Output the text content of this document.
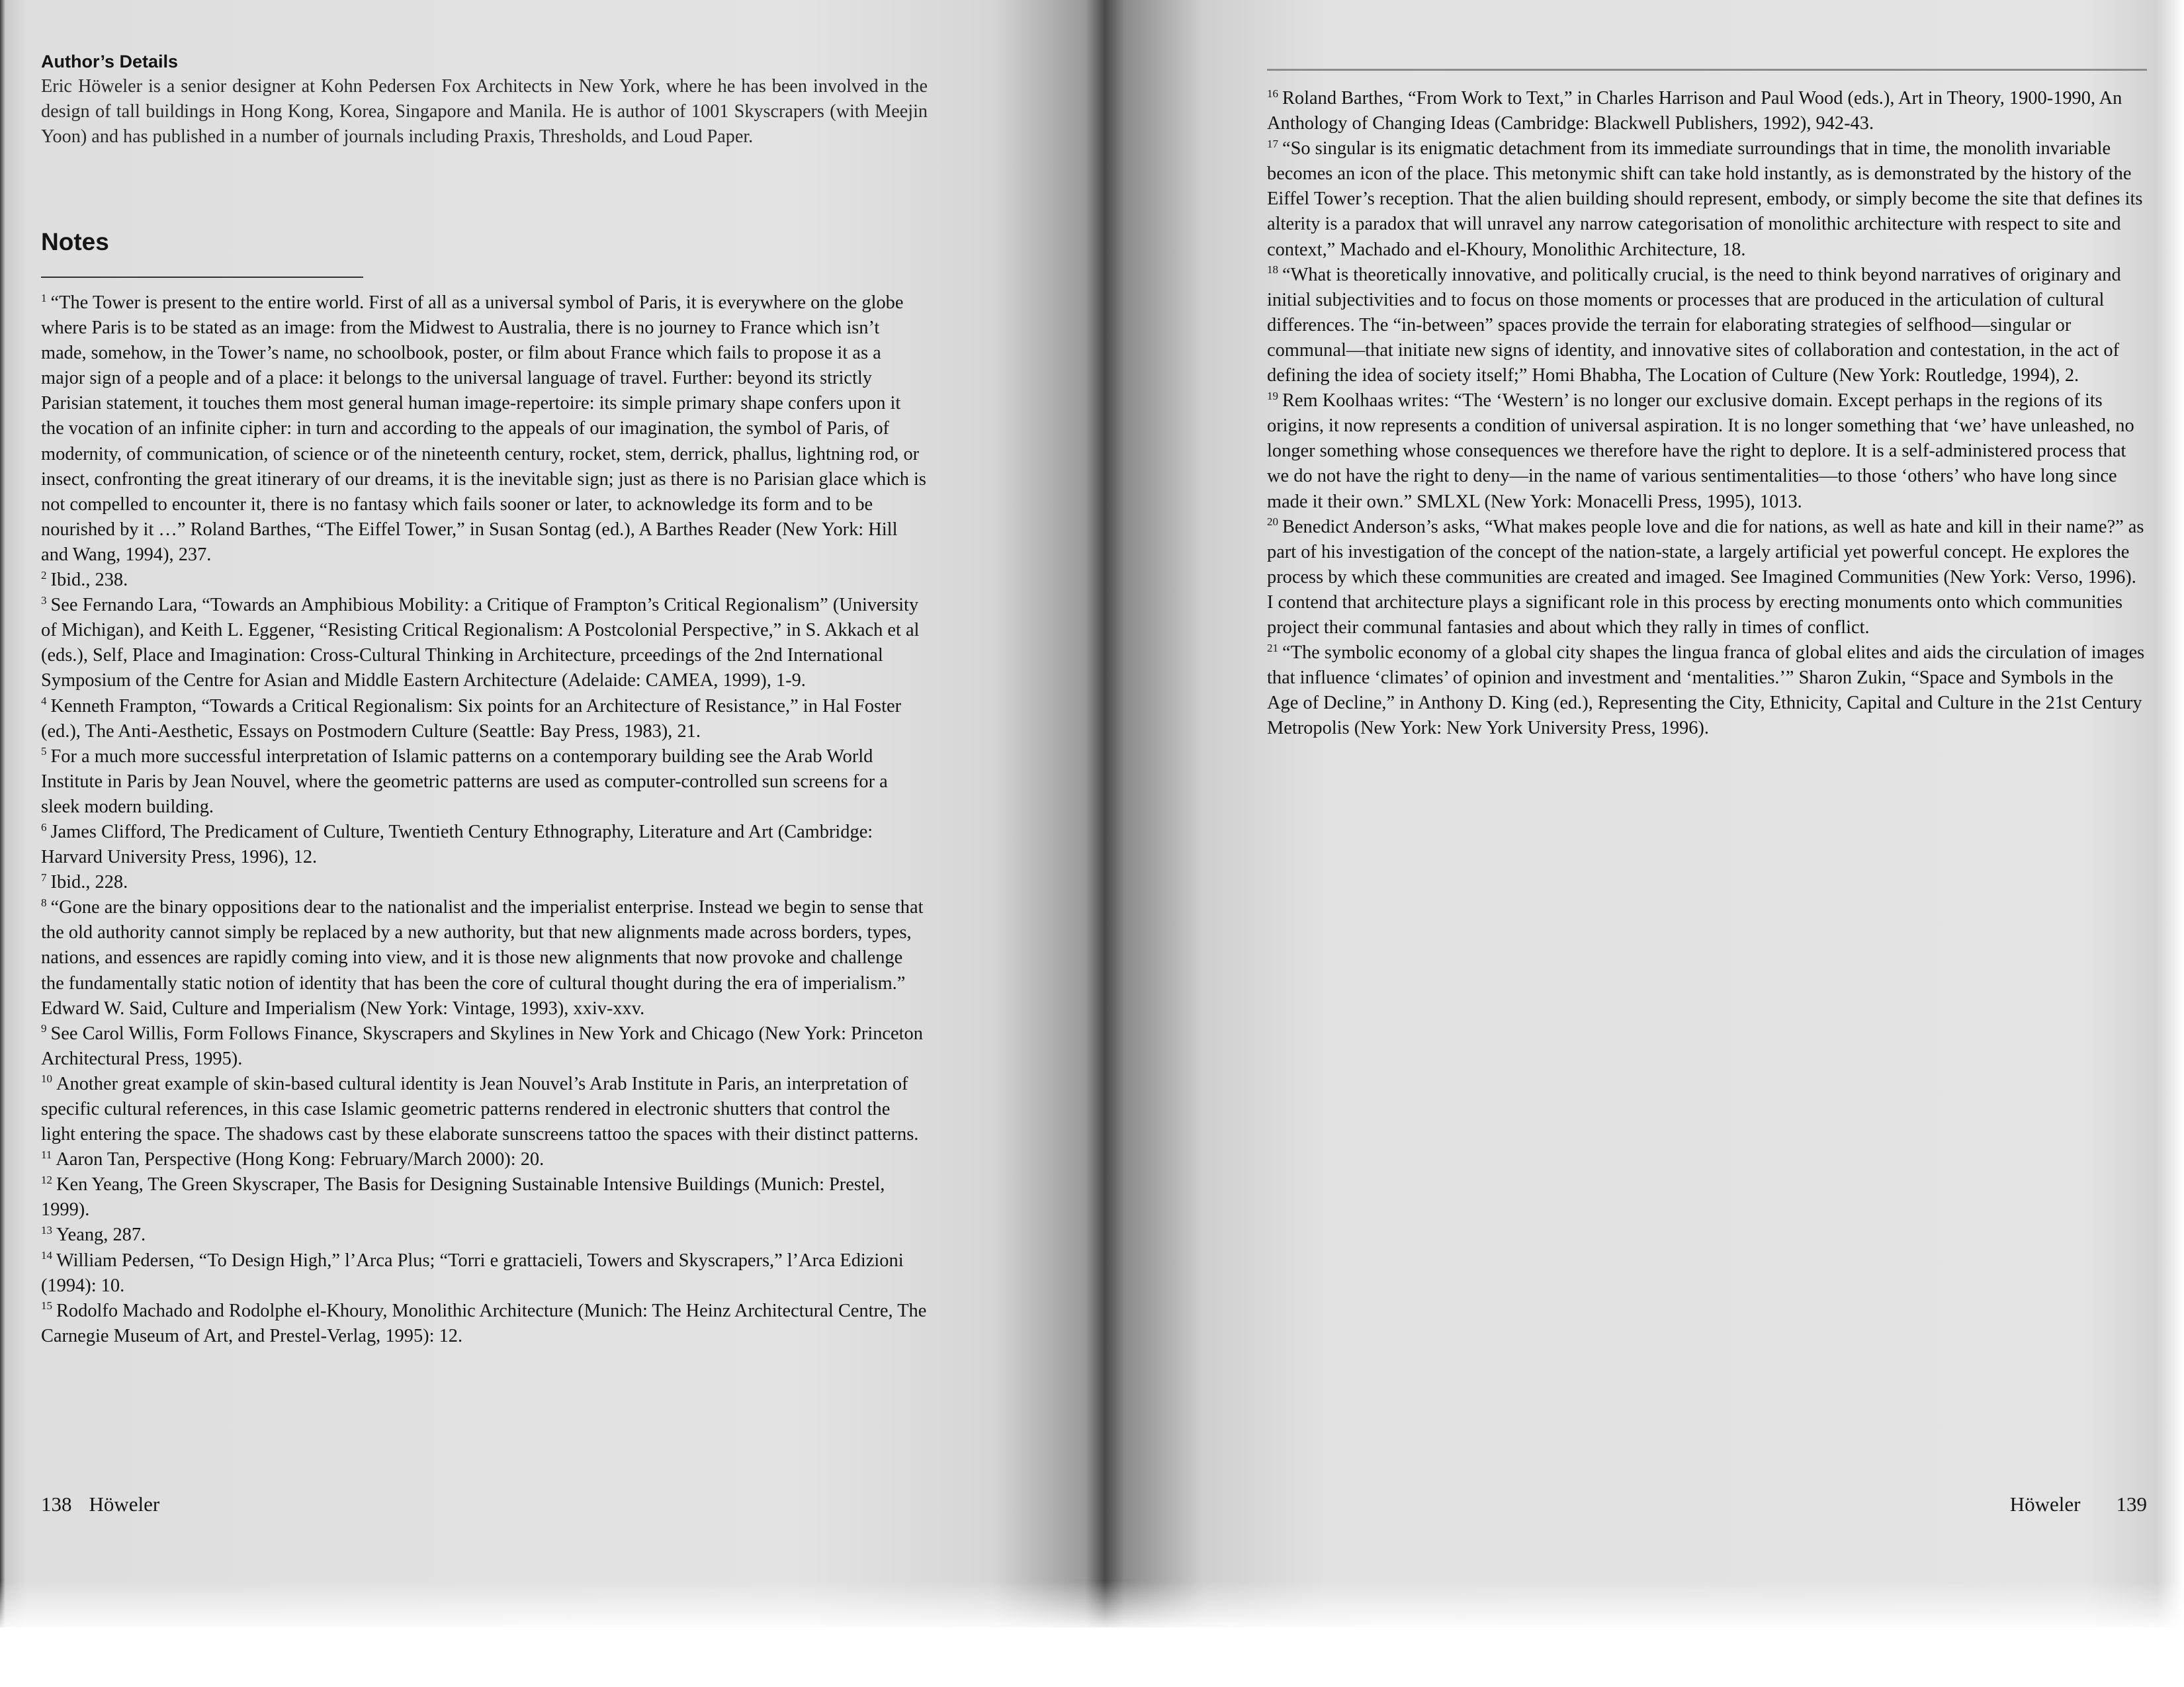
Author’s Details
Eric Höweler is a senior designer at Kohn Pedersen Fox Architects in New York, where he has been involved in the design of tall buildings in Hong Kong, Korea, Singapore and Manila. He is author of 1001 Skyscrapers (with Meejin Yoon) and has published in a number of journals including Praxis, Thresholds, and Loud Paper.
Notes
$^1$ “The Tower is present to the entire world. First of all as a universal symbol of Paris, it is everywhere on the globe where Paris is to be stated as an image: from the Midwest to Australia, there is no journey to France which isn’t made, somehow, in the Tower’s name, no schoolbook, poster, or film about France which fails to propose it as a major sign of a people and of a place: it belongs to the universal language of travel. Further: beyond its strictly Parisian statement, it touches them most general human image-repertoire: its simple primary shape confers upon it the vocation of an infinite cipher: in turn and according to the appeals of our imagination, the symbol of Paris, of modernity, of communication, of science or of the nineteenth century, rocket, stem, derrick, phallus, lightning rod, or insect, confronting the great itinerary of our dreams, it is the inevitable sign; just as there is no Parisian glace which is not compelled to encounter it, there is no fantasy which fails sooner or later, to acknowledge its form and to be nourished by it …” Roland Barthes, “The Eiffel Tower,” in Susan Sontag (ed.), A Barthes Reader (New York: Hill and Wang, 1994), 237.
$^2$ Ibid., 238.
$^3$ See Fernando Lara, “Towards an Amphibious Mobility: a Critique of Frampton’s Critical Regionalism” (University of Michigan), and Keith L. Eggener, “Resisting Critical Regionalism: A Postcolonial Perspective,” in S. Akkach et al (eds.), Self, Place and Imagination: Cross-Cultural Thinking in Architecture, prceedings of the 2nd International Symposium of the Centre for Asian and Middle Eastern Architecture (Adelaide: CAMEA, 1999), 1-9.
$^4$ Kenneth Frampton, “Towards a Critical Regionalism: Six points for an Architecture of Resistance,” in Hal Foster (ed.), The Anti-Aesthetic, Essays on Postmodern Culture (Seattle: Bay Press, 1983), 21.
$^5$ For a much more successful interpretation of Islamic patterns on a contemporary building see the Arab World Institute in Paris by Jean Nouvel, where the geometric patterns are used as computer-controlled sun screens for a sleek modern building.
$^6$ James Clifford, The Predicament of Culture, Twentieth Century Ethnography, Literature and Art (Cambridge: Harvard University Press, 1996), 12.
$^7$ Ibid., 228.
$^8$ “Gone are the binary oppositions dear to the nationalist and the imperialist enterprise. Instead we begin to sense that the old authority cannot simply be replaced by a new authority, but that new alignments made across borders, types, nations, and essences are rapidly coming into view, and it is those new alignments that now provoke and challenge the fundamentally static notion of identity that has been the core of cultural thought during the era of imperialism.” Edward W. Said, Culture and Imperialism (New York: Vintage, 1993), xxiv-xxv.
$^9$ See Carol Willis, Form Follows Finance, Skyscrapers and Skylines in New York and Chicago (New York: Princeton Architectural Press, 1995).
$^{10}$ Another great example of skin-based cultural identity is Jean Nouvel’s Arab Institute in Paris, an interpretation of specific cultural references, in this case Islamic geometric patterns rendered in electronic shutters that control the light entering the space. The shadows cast by these elaborate sunscreens tattoo the spaces with their distinct patterns.
$^{11}$ Aaron Tan, Perspective (Hong Kong: February/March 2000): 20.
$^{12}$ Ken Yeang, The Green Skyscraper, The Basis for Designing Sustainable Intensive Buildings (Munich: Prestel, 1999).
$^{13}$ Yeang, 287.
$^{14}$ William Pedersen, “To Design High,” l’Arca Plus; “Torri e grattacieli, Towers and Skyscrapers,” l’Arca Edizioni (1994): 10.
$^{15}$ Rodolfo Machado and Rodolphe el-Khoury, Monolithic Architecture (Munich: The Heinz Architectural Centre, The Carnegie Museum of Art, and Prestel-Verlag, 1995): 12.
138 Höweler
$^{16}$ Roland Barthes, “From Work to Text,” in Charles Harrison and Paul Wood (eds.), Art in Theory, 1900-1990, An Anthology of Changing Ideas (Cambridge: Blackwell Publishers, 1992), 942-43.
$^{17}$ “So singular is its enigmatic detachment from its immediate surroundings that in time, the monolith invariable becomes an icon of the place. This metonymic shift can take hold instantly, as is demonstrated by the history of the Eiffel Tower’s reception. That the alien building should represent, embody, or simply become the site that defines its alterity is a paradox that will unravel any narrow categorisation of monolithic architecture with respect to site and context,” Machado and el-Khoury, Monolithic Architecture, 18.
$^{18}$ “What is theoretically innovative, and politically crucial, is the need to think beyond narratives of originary and initial subjectivities and to focus on those moments or processes that are produced in the articulation of cultural differences. The “in-between” spaces provide the terrain for elaborating strategies of selfhood—singular or communal—that initiate new signs of identity, and innovative sites of collaboration and contestation, in the act of defining the idea of society itself;” Homi Bhabha, The Location of Culture (New York: Routledge, 1994), 2.
$^{19}$ Rem Koolhaas writes: “The ‘Western’ is no longer our exclusive domain. Except perhaps in the regions of its origins, it now represents a condition of universal aspiration. It is no longer something that ‘we’ have unleashed, no longer something whose consequences we therefore have the right to deplore. It is a self-administered process that we do not have the right to deny—in the name of various sentimentalities—to those ‘others’ who have long since made it their own.” SMLXL (New York: Monacelli Press, 1995), 1013.
$^{20}$ Benedict Anderson’s asks, “What makes people love and die for nations, as well as hate and kill in their name?” as part of his investigation of the concept of the nation-state, a largely artificial yet powerful concept. He explores the process by which these communities are created and imaged. See Imagined Communities (New York: Verso, 1996). I contend that architecture plays a significant role in this process by erecting monuments onto which communities project their communal fantasies and about which they rally in times of conflict.
$^{21}$ “The symbolic economy of a global city shapes the lingua franca of global elites and aids the circulation of images that influence ‘climates’ of opinion and investment and ‘mentalities.’” Sharon Zukin, “Space and Symbols in the Age of Decline,” in Anthony D. King (ed.), Representing the City, Ethnicity, Capital and Culture in the 21st Century Metropolis (New York: New York University Press, 1996).
Höweler 139
